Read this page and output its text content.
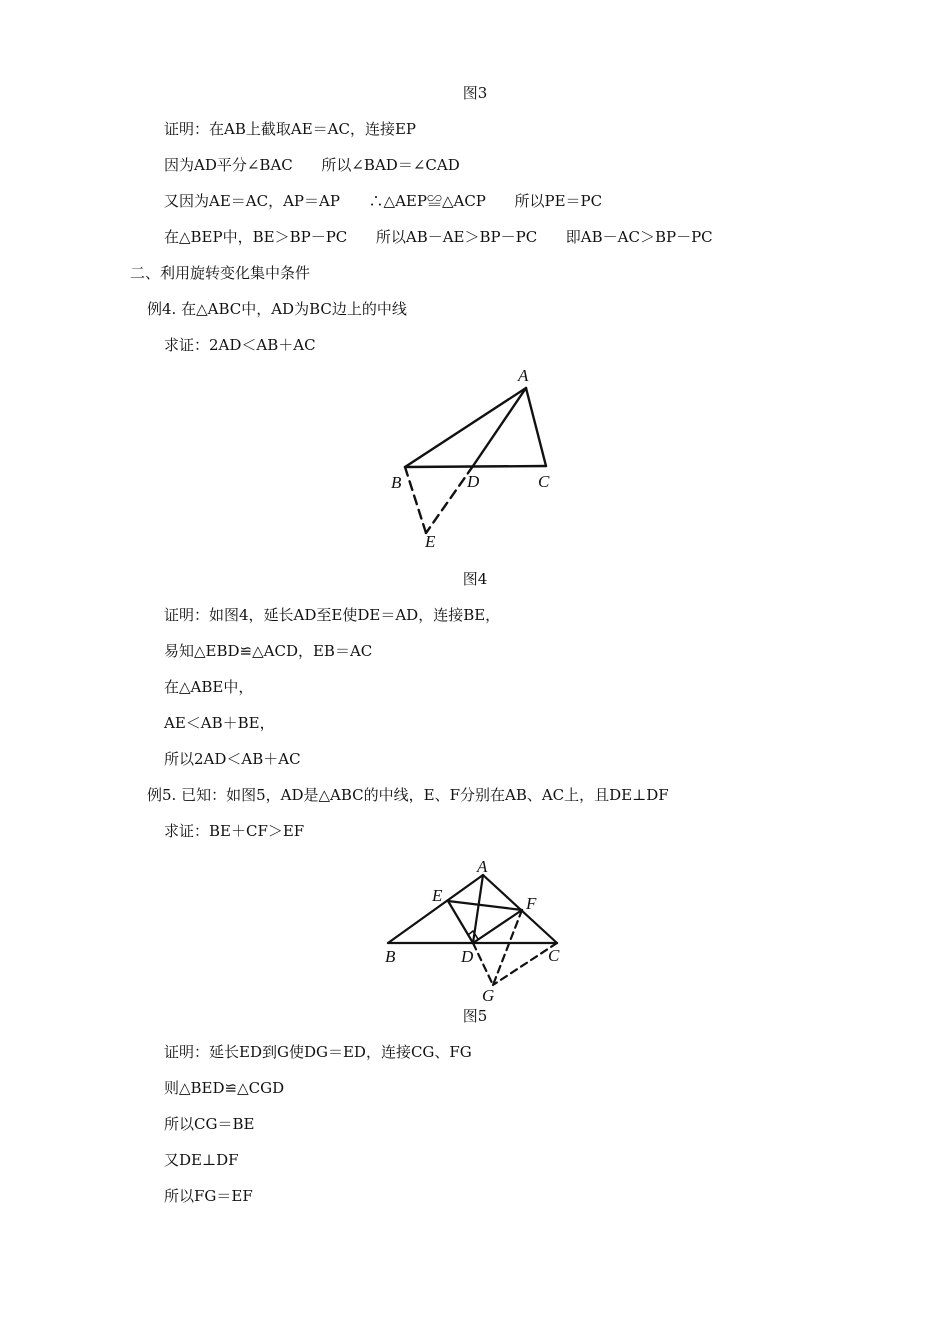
图3
证明：在AB上截取AE＝AC，连接EP
因为AD平分∠BAC      所以∠BAD＝∠CAD
又因为AE＝AC，AP＝AP      ∴△AEP≌△ACP      所以PE＝PC
在△BEP中，BE＞BP－PC      所以AB－AE＞BP－PC      即AB－AC＞BP－PC
二、利用旋转变化集中条件
例4. 在△ABC中，AD为BC边上的中线
求证：2AD＜AB＋AC
A
B	D	C
E
图4
证明：如图4，延长AD至E使DE＝AD，连接BE，
易知△EBD≌△ACD，EB＝AC
在△ABE中，
AE＜AB＋BE，
所以2AD＜AB＋AC
例5. 已知：如图5，AD是△ABC的中线，E、F分别在AB、AC上，且DE⊥DF
求证：BE＋CF＞EF
A
E	F
B	D	C
G
图5
证明：延长ED到G使DG＝ED，连接CG、FG
则△BED≌△CGD
所以CG＝BE
又DE⊥DF
所以FG＝EF
